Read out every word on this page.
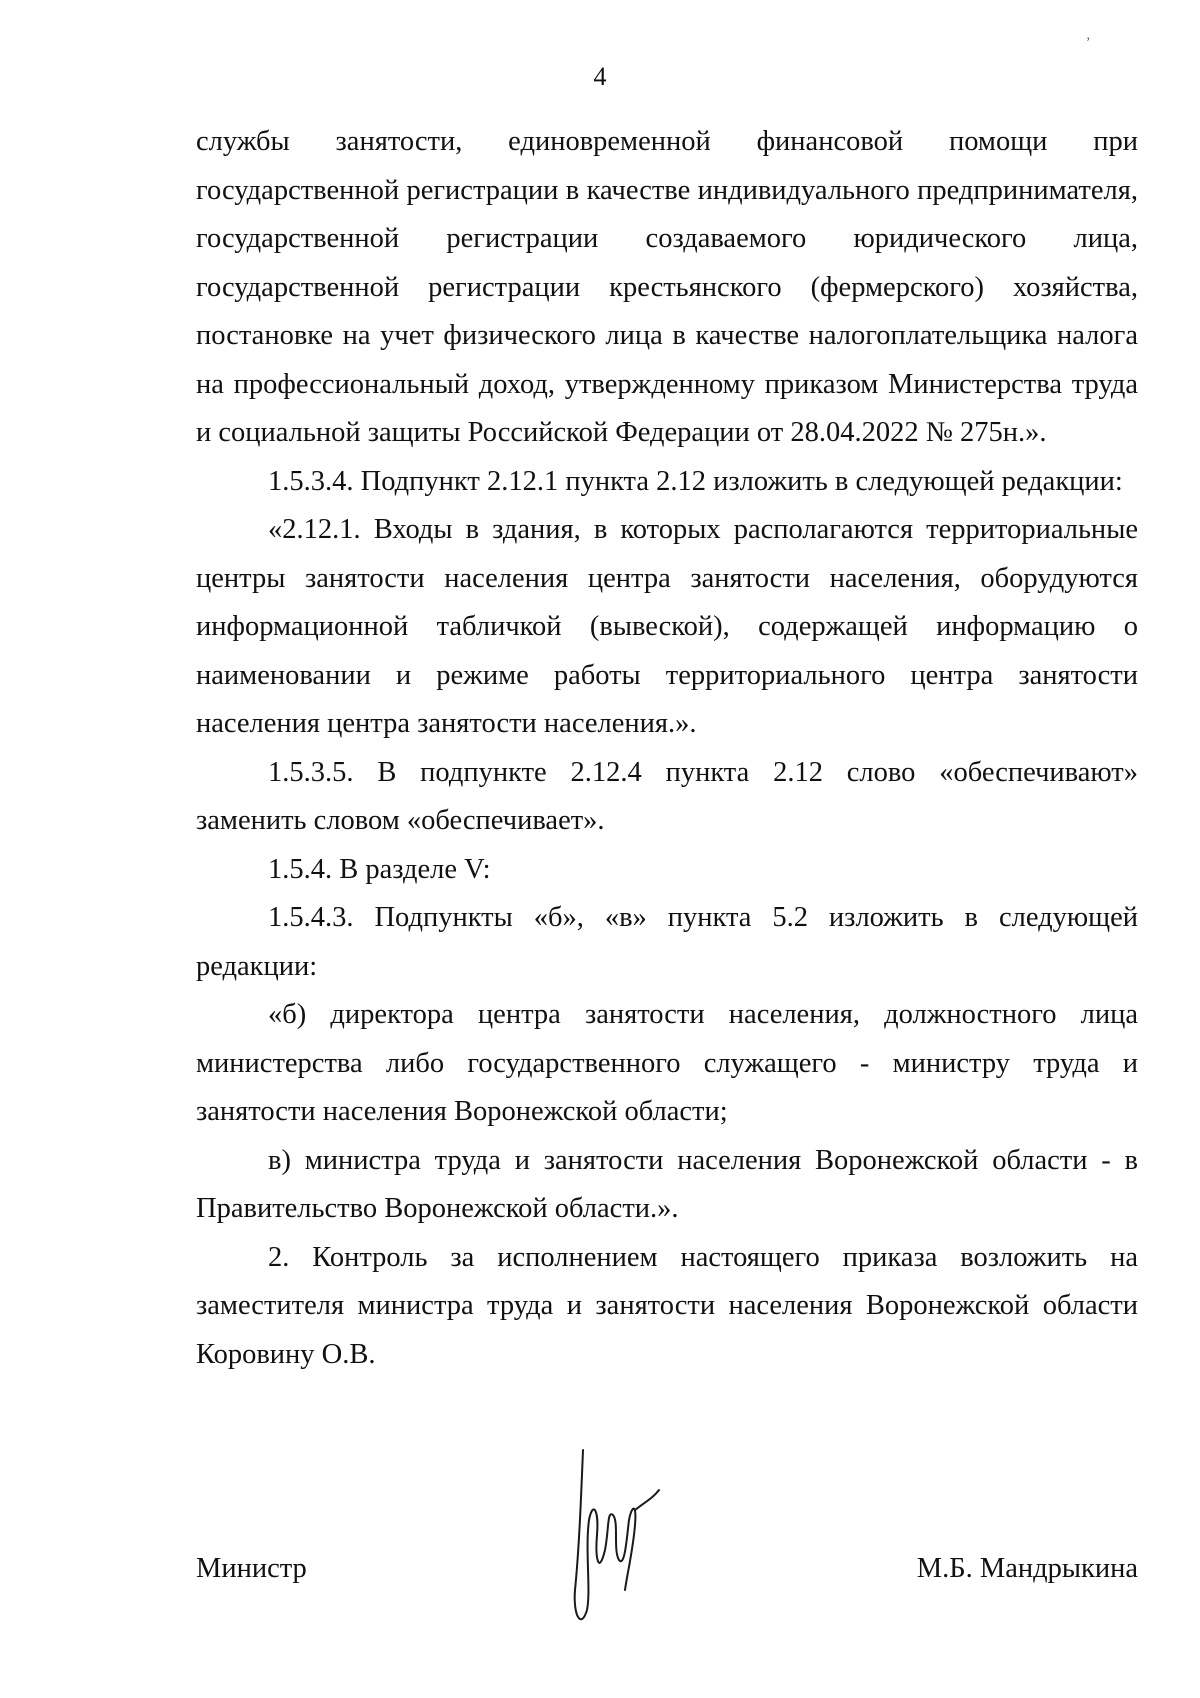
,
4

службы занятости, единовременной финансовой помощи при государственной регистрации в качестве индивидуального предпринимателя, государственной регистрации создаваемого юридического лица, государственной регистрации крестьянского (фермерского) хозяйства, постановке на учет физического лица в качестве налогоплательщика налога на профессиональный доход, утвержденному приказом Министерства труда и социальной защиты Российской Федерации от 28.04.2022 № 275н.».

1.5.3.4. Подпункт 2.12.1 пункта 2.12 изложить в следующей редакции:

«2.12.1. Входы в здания, в которых располагаются территориальные центры занятости населения центра занятости населения, оборудуются информационной табличкой (вывеской), содержащей информацию о наименовании и режиме работы территориального центра занятости населения центра занятости населения.».

1.5.3.5. В подпункте 2.12.4 пункта 2.12 слово «обеспечивают» заменить словом «обеспечивает».

1.5.4. В разделе V:

1.5.4.3. Подпункты «б», «в» пункта 5.2 изложить в следующей редакции:

«б) директора центра занятости населения, должностного лица министерства либо государственного служащего - министру труда и занятости населения Воронежской области;

в) министра труда и занятости населения Воронежской области - в Правительство Воронежской области.».

2. Контроль за исполнением настоящего приказа возложить на заместителя министра труда и занятости населения Воронежской области Коровину О.В.

Министр	М.Б. Мандрыкина
